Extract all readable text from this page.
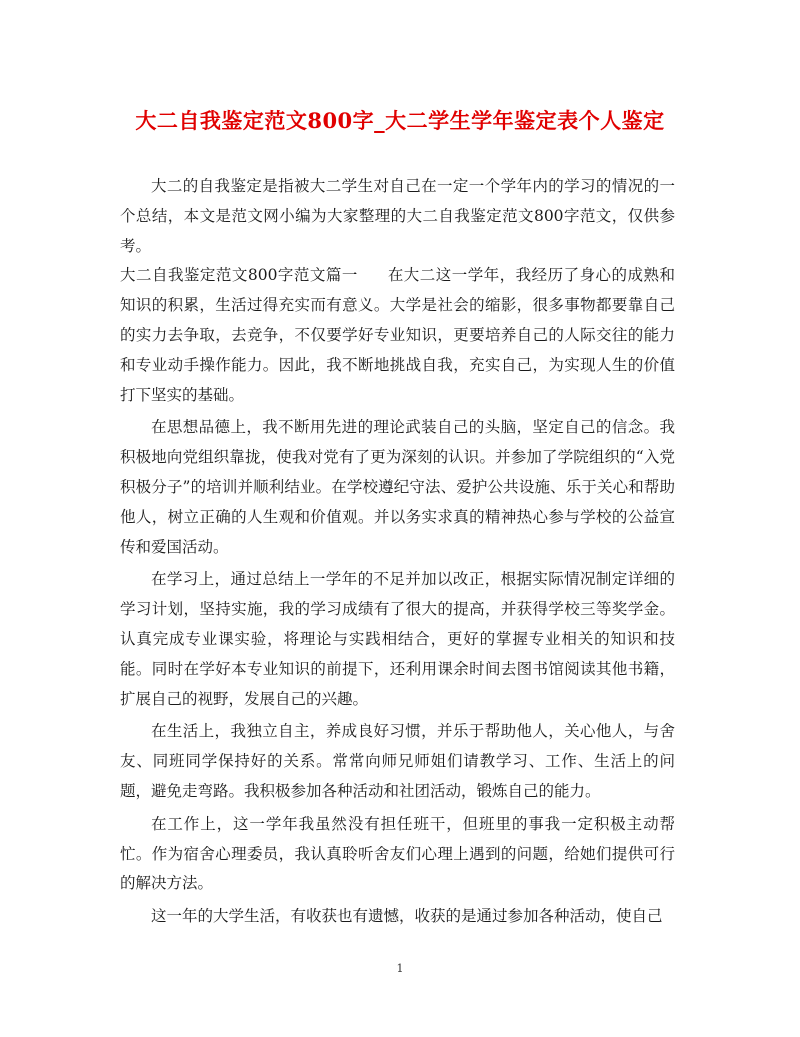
大二自我鉴定范文800字_大二学生学年鉴定表个人鉴定

大二的自我鉴定是指被大二学生对自己在一定一个学年内的学习的情况的一个总结，本文是范文网小编为大家整理的大二自我鉴定范文800字范文，仅供参考。

大二自我鉴定范文800字范文篇一 在大二这一学年，我经历了身心的成熟和知识的积累，生活过得充实而有意义。大学是社会的缩影，很多事物都要靠自己的实力去争取，去竞争，不仅要学好专业知识，更要培养自己的人际交往的能力和专业动手操作能力。因此，我不断地挑战自我，充实自己，为实现人生的价值打下坚实的基础。

在思想品德上，我不断用先进的理论武装自己的头脑，坚定自己的信念。我积极地向党组织靠拢，使我对党有了更为深刻的认识。并参加了学院组织的“入党积极分子”的培训并顺利结业。在学校遵纪守法、爱护公共设施、乐于关心和帮助他人，树立正确的人生观和价值观。并以务实求真的精神热心参与学校的公益宣传和爱国活动。

在学习上，通过总结上一学年的不足并加以改正，根据实际情况制定详细的学习计划，坚持实施，我的学习成绩有了很大的提高，并获得学校三等奖学金。认真完成专业课实验，将理论与实践相结合，更好的掌握专业相关的知识和技能。同时在学好本专业知识的前提下，还利用课余时间去图书馆阅读其他书籍，扩展自己的视野，发展自己的兴趣。

在生活上，我独立自主，养成良好习惯，并乐于帮助他人，关心他人，与舍友、同班同学保持好的关系。常常向师兄师姐们请教学习、工作、生活上的问题，避免走弯路。我积极参加各种活动和社团活动，锻炼自己的能力。

在工作上，这一学年我虽然没有担任班干，但班里的事我一定积极主动帮忙。作为宿舍心理委员，我认真聆听舍友们心理上遇到的问题，给她们提供可行的解决方法。

这一年的大学生活，有收获也有遗憾，收获的是通过参加各种活动，使自己

1
